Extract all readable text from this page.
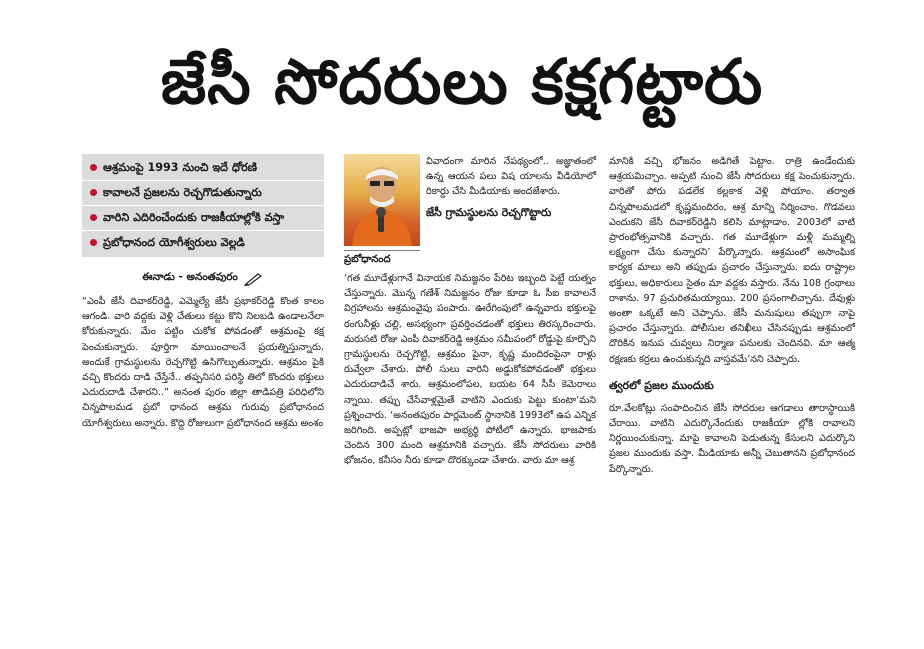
జేసీ సోదరులు కక్షగట్టారు
ఆశ్రమంపై 1993 నుంచి ఇదే ధోరణి
కావాలనే ప్రజలను రెచ్చగొడుతున్నారు
వారిని ఎదిరించేందుకు రాజకీయాల్లోకి వస్తా
ప్రబోధానంద యోగీశ్వరులు వెల్లడి
ఈనాడు - అనంతపురం

“ఎంపీ జేసీ దివాకర్‌రెడ్డి, ఎమ్మెల్యే జేసీ ప్రభాకర్‌రెడ్డి కొంత కాలం ఆగండి. వారి వద్దకు వెళ్లి చేతులు కట్టు కొని నిలబడి ఉండాలనేలా కోరుకున్నారు. మేం పట్టిం చుకోక పోవడంతో ఆశ్రమంపై కక్ష పెంచుకున్నారు. పూర్తిగా మాయించాలనే ప్రయత్నిస్తున్నారు. అందుకే గ్రామస్థులను రెచ్చగొట్టి ఉసిగొల్పుతున్నారు. ఆశ్రమం పైకి వచ్చి కొందరు దాడి చేస్తేనే.. తప్పనిసరి పరిస్థి తిలో కొందరు భక్తులు ఎదురుదాడి చేశారని..” అనంత పురం జిల్లా తాడిపత్రి పరిధిలోని చిన్నపొలమడ ప్రబో ధానంద ఆశ్రమ గురువు ప్రబోధానంద యోగీశ్వరులు అన్నారు. కొద్ది రోజులుగా ప్రబోధానంద ఆశ్రమ అంశం

ప్రబోధానంద

వివాదంగా మారిన నేపథ్యంలో.. అజ్ఞాతంలో ఉన్న ఆయన పలు విష యాలను వీడియోలో రికార్డు చేసి మీడియాకు అందజేశారు.

జేసీ గ్రామస్థులను రెచ్చగొట్టారు

‘గత మూడేళ్లుగానే వినాయక నిమజ్జనం పేరిట ఇబ్బంది పెట్టే యత్నం చేస్తున్నారు. మొన్న గణేశ్‌ నిమజ్జనం రోజు కూడా ఓ సీఐ కావాలనే విగ్రహాలను ఆశ్రమంవైపు పంపారు. ఊరేగింపులో ఉన్నవారు భక్తులపై రంగునీళ్లు చల్లి, అసభ్యంగా ప్రవర్తించడంతో భక్తులు తిరస్కరించారు. మరుసటి రోజు ఎంపీ దివాకర్‌రెడ్డి ఆశ్రమం సమీపంలో రోడ్డుపై కూర్చొని గ్రామస్థులను రెచ్చగొట్టి, ఆశ్రమం పైనా, కృష్ణ మందిరంపైనా రాళ్లు రువ్వేలా చేశారు. పోలీ సులు వారిని అడ్డుకోకపోవడంతో భక్తులు ఎదురుదాడిచే శారు. ఆశ్రమంలోపల, బయట 64 సీసీ కెమెరాలు న్నాయి. తప్పు చేసేవాళ్లమైతే వాటిని ఎందుకు పెట్టు కుంటా’మని ప్రశ్నించారు. ‘అనంతపురం పార్లమెంట్‌ స్థానానికి 1993లో ఉప ఎన్నిక జరిగింది. అప్పట్లో భాజపా అభ్యర్థి పోటీలో ఉన్నారు. భాజపాకు చెందిన 300 మంది ఆశ్రమానికి వచ్చారు. జేసీ సోదరులు వారికి భోజనం, కనీసం నీరు కూడా దొరక్కుండా చేశారు. వారు మా ఆశ్ర

మానికి వచ్చి భోజనం అడిగితే పెట్టాం. రాత్రి ఉండేందుకు ఆశ్రయమిచ్చాం. అప్పటి నుంచి జేసీ సోదరులు కక్ష పెంచుకున్నారు. వారితో పోరు పడలేక కల్లకాక వెళ్లి పోయాం. తర్వాత చిన్నపొలమడలో కృష్ణమందిరం, ఆశ్ర మాన్ని నిర్మించాం. గొడవలు ఎందుకని జేసీ దివాకర్‌రెడ్డిని కలిసి మాట్లాడాం. 2003లో వాటి ప్రారంభోత్సవానికి వచ్చారు. గత మూడేళ్లుగా మళ్లీ మమ్మల్ని లక్ష్యంగా చేసు కున్నారని’ పేర్కొన్నారు. ఆశ్రమంలో అసాంఘిక కార్యక మాలు అని తప్పుడు ప్రచారం చేస్తున్నారు. ఐదు రాష్ట్రాల భక్తులు, అధికారులు సైతం మా వద్దకు వస్తారు. నేను 108 గ్రంథాలు రాశాను. 97 ప్రచురితమయ్యాయి. 200 ప్రసంగాలిచ్చాను. దేవుళ్లు అంతా ఒక్కటే అని చెప్పాను. జేసీ మనుషులు తప్పుగా నాపై ప్రచారం చేస్తున్నారు. పోలీసుల తనిఖీలు చేసినప్పుడు ఆశ్రమంలో దొరికిన ఇనుప చువ్వలు నిర్మాణ పనులకు చెందినవి. మా ఆత్మ రక్షణకు కర్రలు ఉంచుకున్నది వాస్తవమే’నని చెప్పారు.

త్వరలో ప్రజల ముందుకు

రూ.వేలకోట్లు సంపాదించిన జేసీ సోదరుల ఆగడాలు తారాస్థాయికి చేరాయి. వాటిని ఎదుర్కొనేందుకు రాజకీయా ల్లోకి రావాలని నిర్ణయించుకున్నా. మాపై కావాలని పెడుతున్న కేసులని ఎదుర్కొని ప్రజల ముందుకు వస్తా. మీడియాకు అన్నీ చెబుతానని ప్రబోధానంద పేర్కొన్నారు.
